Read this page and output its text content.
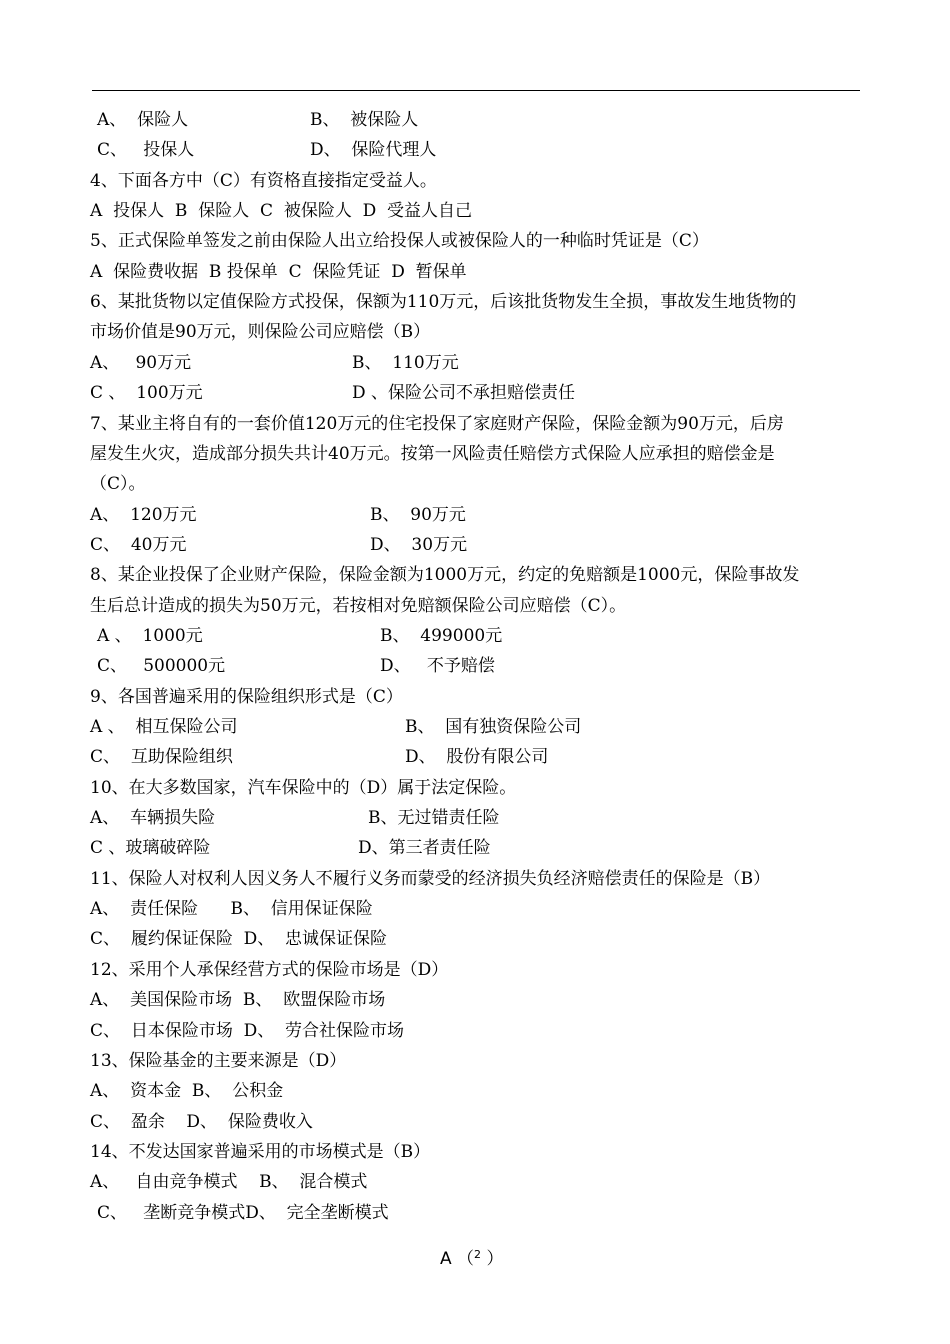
A、  保险人	B、  被保险人
C、   投保人	D、  保险代理人
4、下面各方中（C）有资格直接指定受益人。
A  投保人  B  保险人  C  被保险人  D  受益人自己
5、正式保险单签发之前由保险人出立给投保人或被保险人的一种临时凭证是（C）
A  保险费收据  B 投保单  C  保险凭证  D  暂保单
6、某批货物以定值保险方式投保，保额为110万元，后该批货物发生全损，事故发生地货物的
市场价值是90万元，则保险公司应赔偿（B）
A、   90万元	B、  110万元
C 、  100万元	D 、保险公司不承担赔偿责任
7、某业主将自有的一套价值120万元的住宅投保了家庭财产保险，保险金额为90万元，后房
屋发生火灾，造成部分损失共计40万元。按第一风险责任赔偿方式保险人应承担的赔偿金是
（C）。
A、  120万元	B、  90万元
C、  40万元	D、  30万元
8、某企业投保了企业财产保险，保险金额为1000万元，约定的免赔额是1000元，保险事故发
生后总计造成的损失为50万元，若按相对免赔额保险公司应赔偿（C）。
A 、  1000元	B、  499000元
C、   500000元	D、   不予赔偿
9、各国普遍采用的保险组织形式是（C）
A 、  相互保险公司	B、  国有独资保险公司
C、  互助保险组织	D、  股份有限公司
10、在大多数国家，汽车保险中的（D）属于法定保险。
A、  车辆损失险	B、无过错责任险
C 、玻璃破碎险	D、第三者责任险
11、保险人对权利人因义务人不履行义务而蒙受的经济损失负经济赔偿责任的保险是（B）
A、  责任保险      B、  信用保证保险
C、  履约保证保险  D、  忠诚保证保险
12、采用个人承保经营方式的保险市场是（D）
A、  美国保险市场  B、  欧盟保险市场
C、  日本保险市场  D、  劳合社保险市场
13、保险基金的主要来源是（D）
A、  资本金  B、  公积金
C、  盈余    D、  保险费收入
14、不发达国家普遍采用的市场模式是（B）
A、   自由竞争模式    B、  混合模式
C、   垄断竞争模式D、  完全垄断模式
A （$^2$ ）
